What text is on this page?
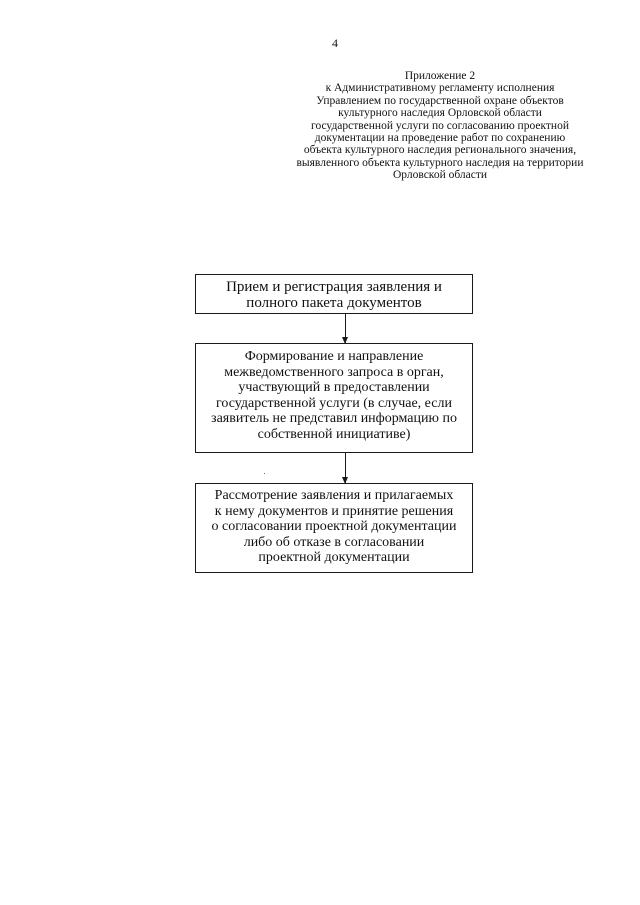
4
Приложение 2
к Административному регламенту исполнения
Управлением по государственной охране объектов
культурного наследия Орловской области
государственной услуги по согласованию проектной
документации на проведение работ по сохранению
объекта культурного наследия регионального значения,
выявленного объекта культурного наследия на территории
Орловской области
Прием и регистрация заявления и
полного пакета документов
Формирование и направление
межведомственного запроса в орган,
участвующий в предоставлении
государственной услуги (в случае, если
заявитель не представил информацию по
собственной инициативе)
Рассмотрение заявления и прилагаемых
к нему документов и принятие решения
о согласовании проектной документации
либо об отказе в согласовании
проектной документации
